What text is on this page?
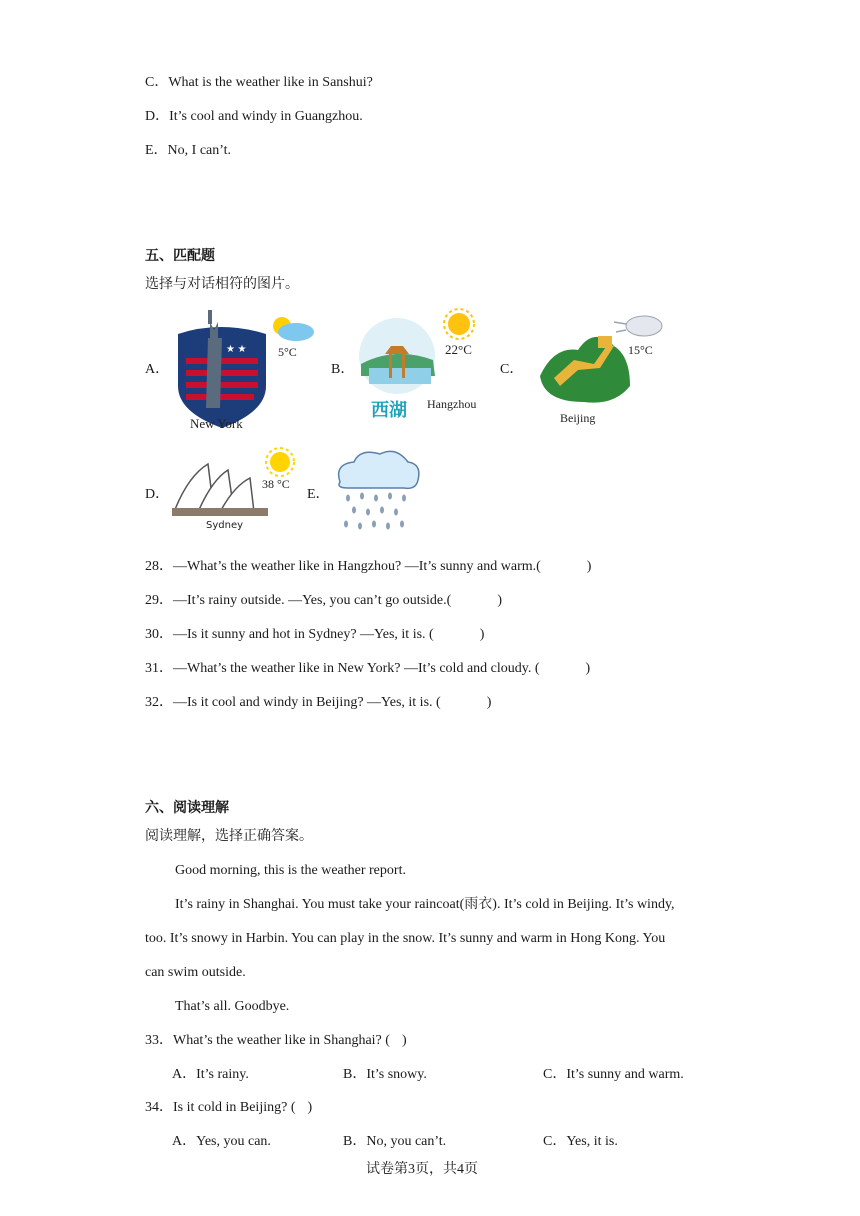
C．What is the weather like in Sanshui?
D．It’s cool and windy in Guangzhou.
E．No, I can’t.
五、匹配题
选择与对话相符的图片。
A．
★ ★
New York
5°C
B．
西湖 Hangzhou
22°C
C．
Beijing
15°C
D．
Sydney
38 °C
E．
28．—What’s the weather like in Hangzhou? —It’s sunny and warm.(	)
29．—It’s rainy outside. —Yes, you can’t go outside.(	)
30．—Is it sunny and hot in Sydney? —Yes, it is. (	)
31．—What’s the weather like in New York? —It’s cold and cloudy. (	)
32．—Is it cool and windy in Beijing? —Yes, it is. (	)
六、阅读理解
阅读理解，选择正确答案。
Good morning, this is the weather report.
It’s rainy in Shanghai. You must take your raincoat(雨衣). It’s cold in Beijing. It’s windy,
too. It’s snowy in Harbin. You can play in the snow. It’s sunny and warm in Hong Kong. You
can swim outside.
That’s all. Goodbye.
33．What’s the weather like in Shanghai? ( )
A．It’s rainy.	B．It’s snowy.	C．It’s sunny and warm.
34．Is it cold in Beijing? ( )
A．Yes, you can.	B．No, you can’t.	C．Yes, it is.
试卷第3页，共4页
